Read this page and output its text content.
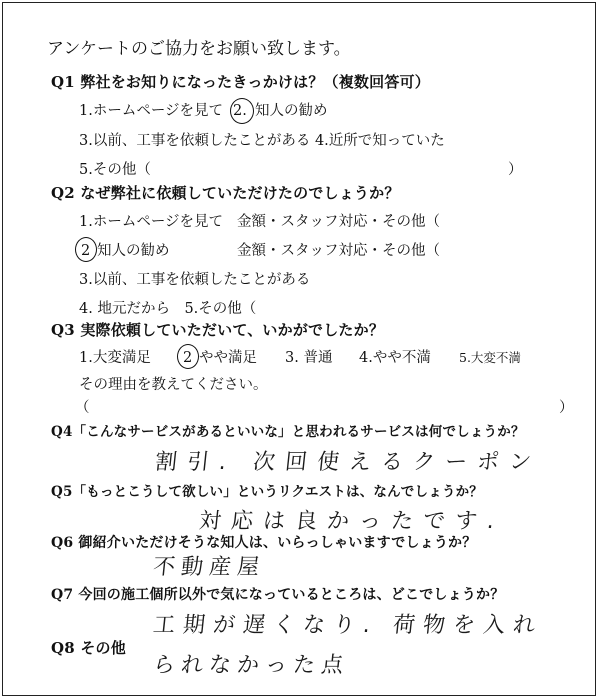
アンケートのご協力をお願い致します。
Q1 弊社をお知りになったきっかけは？（複数回答可）
1.ホームページを見て 2. 知人の勧め
3.以前、工事を依頼したことがある 4.近所で知っていた
5.その他（	）
Q2 なぜ弊社に依頼していただけたのでしょうか？
1.ホームページを見て 金額・スタッフ対応・その他（
2 知人の勧め	金額・スタッフ対応・その他（
3.以前、工事を依頼したことがある
4. 地元だから　5.その他（
Q3 実際依頼していただいて、いかがでしたか？
1.大変満足 2 やや満足 3. 普通 4.やや不満 5.大変不満
その理由を教えてください。
（	）
Q4「こんなサービスがあるといいな」と思われるサービスは何でしょうか？
割引. 次回使えるクーポン
Q5「もっとこうして欲しい」というリクエストは、なんでしょうか？
対応は良かったです.
Q6 御紹介いただけそうな知人は、いらっしゃいますでしょうか？
不動産屋
Q7 今回の施工個所以外で気になっているところは、どこでしょうか？
Q8 その他
工期が遅くなり. 荷物を入れ
られなかった点
